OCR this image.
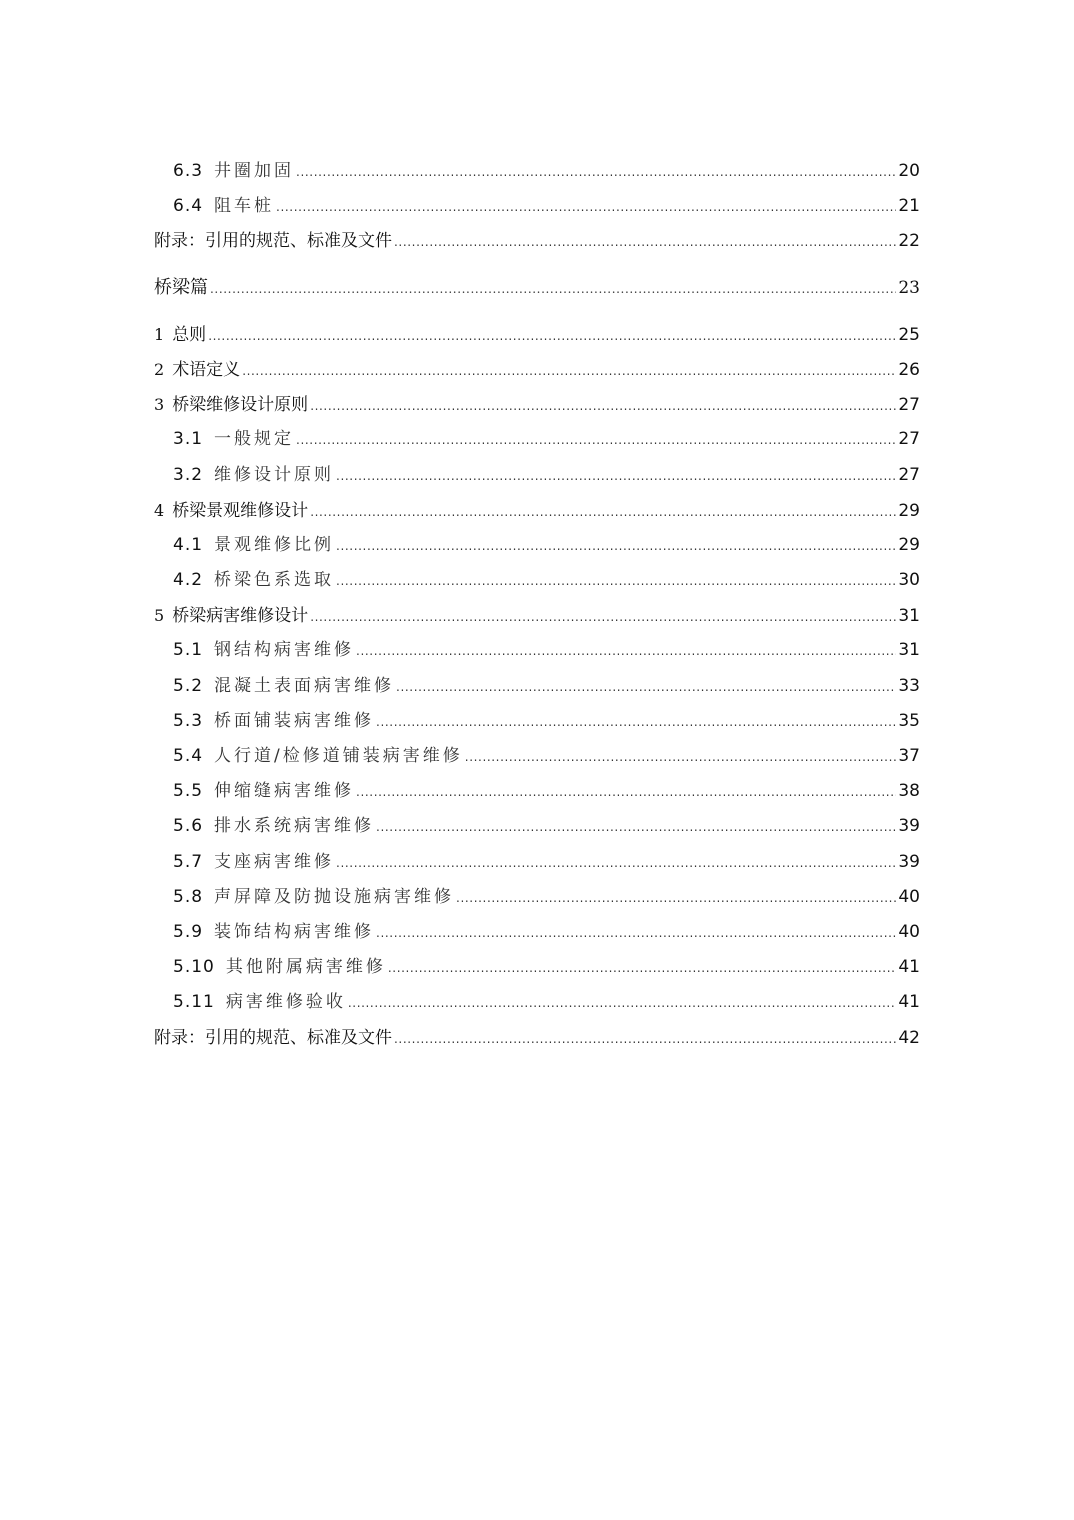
6.3 井圈加固 .....	20
6.4 阻车桩 .....	21
附录：引用的规范、标准及文件 .....	22
桥梁篇 .....	23
1 总则 .....	25
2 术语定义 .....	26
3 桥梁维修设计原则 .....	27
3.1 一般规定 .....	27
3.2 维修设计原则 .....	27
4 桥梁景观维修设计 .....	29
4.1 景观维修比例 .....	29
4.2 桥梁色系选取 .....	30
5 桥梁病害维修设计 .....	31
5.1 钢结构病害维修 .....	31
5.2 混凝土表面病害维修 .....	33
5.3 桥面铺装病害维修 .....	35
5.4 人行道/检修道铺装病害维修 .....	37
5.5 伸缩缝病害维修 .....	38
5.6 排水系统病害维修 .....	39
5.7 支座病害维修 .....	39
5.8 声屏障及防抛设施病害维修 .....	40
5.9 装饰结构病害维修 .....	40
5.10 其他附属病害维修 .....	41
5.11 病害维修验收 .....	41
附录：引用的规范、标准及文件 .....	42
